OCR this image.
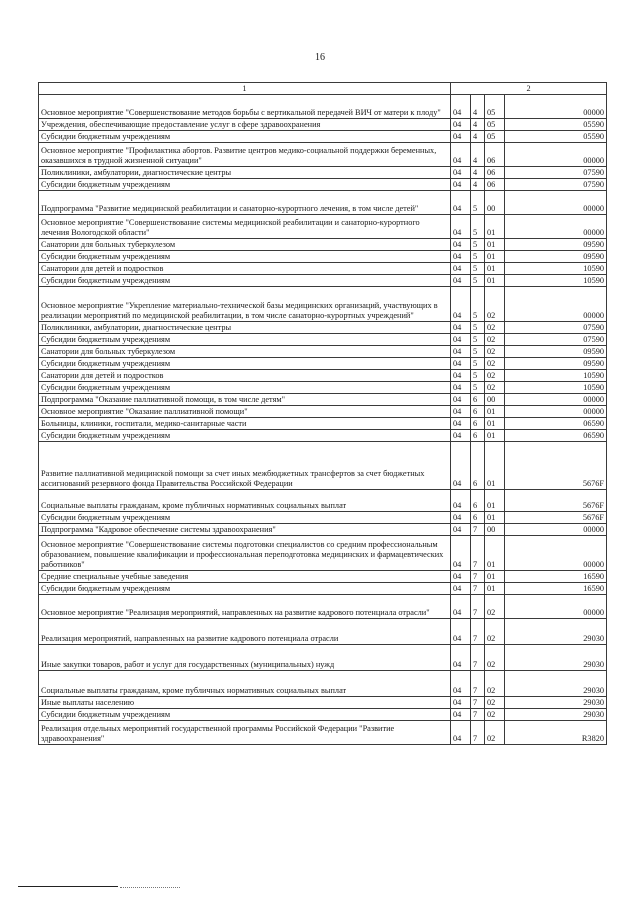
16
1	2			
Основное мероприятие "Совершенствование методов борьбы с вертикальной передачей ВИЧ от матери к плоду"	04	4	05	00000
Учреждения, обеспечивающие предоставление услуг в сфере здравоохранения	04	4	05	05590
Субсидии бюджетным учреждениям	04	4	05	05590
Основное мероприятие "Профилактика абортов. Развитие центров медико-социальной поддержки беременных, оказавшихся в трудной жизненной ситуации"	04	4	06	00000
Поликлиники, амбулатории, диагностические центры	04	4	06	07590
Субсидии бюджетным учреждениям	04	4	06	07590
Подпрограмма "Развитие медицинской реабилитации и санаторно-курортного лечения, в том числе детей"	04	5	00	00000
Основное мероприятие "Совершенствование системы медицинской реабилитации и санаторно-курортного лечения Вологодской области"	04	5	01	00000
Санатории для больных туберкулезом	04	5	01	09590
Субсидии бюджетным учреждениям	04	5	01	09590
Санатории для детей и подростков	04	5	01	10590
Субсидии бюджетным учреждениям	04	5	01	10590
Основное мероприятие "Укрепление материально-технической базы медицинских организаций, участвующих в реализации мероприятий по медицинской реабилитации, в том числе санаторно-курортных учреждений"	04	5	02	00000
Поликлиники, амбулатории, диагностические центры	04	5	02	07590
Субсидии бюджетным учреждениям	04	5	02	07590
Санатории для больных туберкулезом	04	5	02	09590
Субсидии бюджетным учреждениям	04	5	02	09590
Санатории для детей и подростков	04	5	02	10590
Субсидии бюджетным учреждениям	04	5	02	10590
Подпрограмма "Оказание паллиативной помощи, в том числе детям"	04	6	00	00000
Основное мероприятие "Оказание паллиативной помощи"	04	6	01	00000
Больницы, клиники, госпитали, медико-санитарные части	04	6	01	06590
Субсидии бюджетным учреждениям	04	6	01	06590
Развитие паллиативной медицинской помощи за счет иных межбюджетных трансфертов за счет бюджетных ассигнований резервного фонда Правительства Российской Федерации	04	6	01	5676F
Социальные выплаты гражданам, кроме публичных нормативных социальных выплат	04	6	01	5676F
Субсидии бюджетным учреждениям	04	6	01	5676F
Подпрограмма "Кадровое обеспечение системы здравоохранения"	04	7	00	00000
Основное мероприятие "Совершенствование системы подготовки специалистов со средним профессиональным образованием, повышение квалификации и профессиональная переподготовка медицинских и фармацевтических работников"	04	7	01	00000
Средние специальные учебные заведения	04	7	01	16590
Субсидии бюджетным учреждениям	04	7	01	16590
Основное мероприятие "Реализация мероприятий, направленных на развитие кадрового потенциала отрасли"	04	7	02	00000
Реализация мероприятий, направленных на развитие кадрового потенциала отрасли	04	7	02	29030
Иные закупки товаров, работ и услуг для государственных (муниципальных) нужд	04	7	02	29030
Социальные выплаты гражданам, кроме публичных нормативных социальных выплат	04	7	02	29030
Иные выплаты населению	04	7	02	29030
Субсидии бюджетным учреждениям	04	7	02	29030
Реализация отдельных мероприятий государственной программы Российской Федерации "Развитие здравоохранения"	04	7	02	R3820
